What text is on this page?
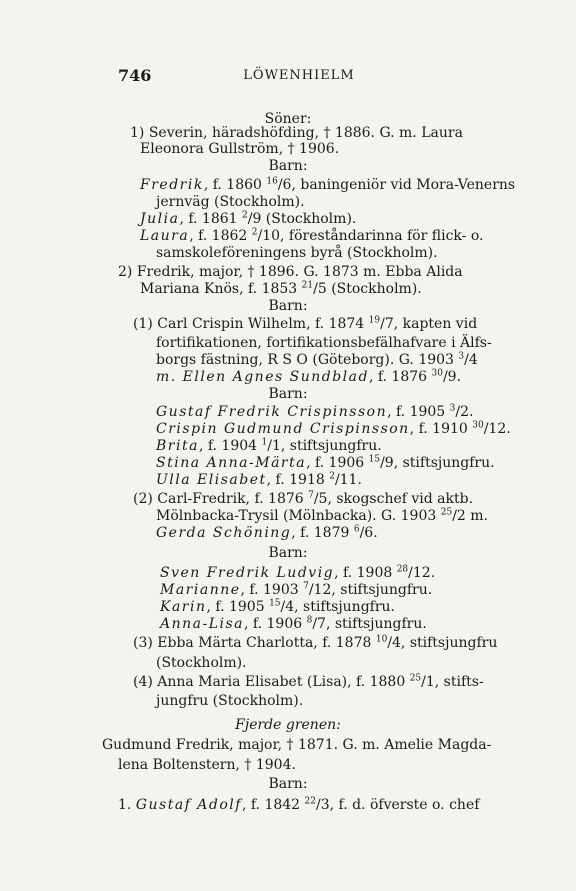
746	LÖWENHIELM
Söner:
1) Severin, häradshöfding, † 1886. G. m. Laura
Eleonora Gullström, † 1906.
Barn:
Fredrik, f. 1860 $^{16}$/6, baningeniör vid Mora-Venerns
jernväg (Stockholm).
Julia, f. 1861 $^2$/9 (Stockholm).
Laura, f. 1862 $^2$/10, föreståndarinna för flick- o.
samskoleföreningens byrå (Stockholm).
2) Fredrik, major, † 1896. G. 1873 m. Ebba Alida
Mariana Knös, f. 1853 $^{21}$/5 (Stockholm).
Barn:
(1) Carl Crispin Wilhelm, f. 1874 $^{19}$/7, kapten vid
fortifikationen, fortifikationsbefälhafvare i Älfs-
borgs fästning, R S O (Göteborg). G. 1903 $^3$/4
m. Ellen Agnes Sundblad, f. 1876 $^{30}$/9.
Barn:
Gustaf Fredrik Crispinsson, f. 1905 $^3$/2.
Crispin Gudmund Crispinsson, f. 1910 $^{30}$/12.
Brita, f. 1904 $^1$/1, stiftsjungfru.
Stina Anna-Märta, f. 1906 $^{15}$/9, stiftsjungfru.
Ulla Elisabet, f. 1918 $^2$/11.
(2) Carl-Fredrik, f. 1876 $^7$/5, skogschef vid aktb.
Mölnbacka-Trysil (Mölnbacka). G. 1903 $^{25}$/2 m.
Gerda Schöning, f. 1879 $^6$/6.
Barn:
Sven Fredrik Ludvig, f. 1908 $^{28}$/12.
Marianne, f. 1903 $^7$/12, stiftsjungfru.
Karin, f. 1905 $^{15}$/4, stiftsjungfru.
Anna-Lisa, f. 1906 $^8$/7, stiftsjungfru.
(3) Ebba Märta Charlotta, f. 1878 $^{10}$/4, stiftsjungfru
(Stockholm).
(4) Anna Maria Elisabet (Lisa), f. 1880 $^{25}$/1, stifts-
jungfru (Stockholm).
Fjerde grenen:
Gudmund Fredrik, major, † 1871. G. m. Amelie Magda-
lena Boltenstern, † 1904.
Barn:
1. Gustaf Adolf, f. 1842 $^{22}$/3, f. d. öfverste o. chef
